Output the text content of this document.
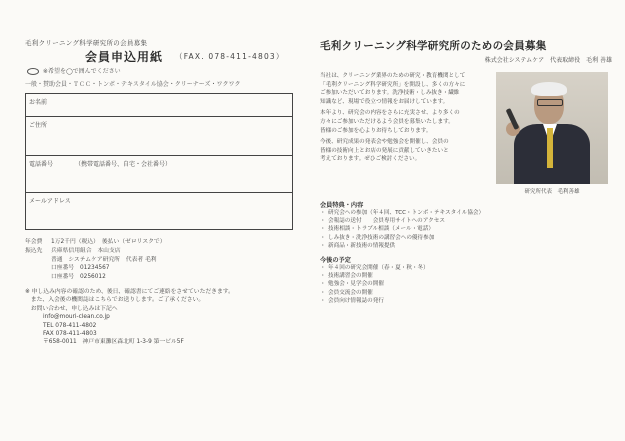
毛利クリーニング科学研究所の会員募集
会員申込用紙 （FAX. 078-411-4803）
※希望を◯で囲んでください
一般・賛助会員・ＴＣＣ・トンボ・テキスタイル協会・クリーナーズ・ワクワク
お名前
ご住所
電話番号	（携帯電話番号、自宅・会社番号）
メールアドレス
年会費	1万2千円（税込）　後払い（ゼロリスクで）
振込先	兵庫県信用組合　本山支店
普通　システムケア研究所　代表者 毛利
口座番号　01234567
口座番号　0256012
※ 申し込み内容の確認のため、後日、確認書にてご連絡をさせていただきます。
　また、入会後の機関誌はこちらでお送りします。ご了承ください。
　お問い合わせ、申し込みは下記へ
info@mouri-clean.co.jp
TEL 078-411-4802
FAX 078-411-4803
〒658-0011　神戸市東灘区森北町 1-3-9 第一ビル5F
毛利クリーニング科学研究所のための会員募集
株式会社システムケア　代表取締役　毛利 善雄

当社は、クリーニング業界のための研究・教育機関として
「毛利クリーニング科学研究所」を開設し、多くの方々に
ご参加いただいております。洗浄技術・しみ抜き・繊維
知識など、現場で役立つ情報をお届けしています。

本年より、研究会の内容をさらに充実させ、より多くの
方々にご参加いただけるよう会員を募集いたします。
皆様のご参加を心よりお待ちしております。

今後、研究成果の発表会や勉強会を開催し、会員の
皆様の技術向上とお店の発展に貢献していきたいと
考えております。ぜひご検討ください。

研究所代表　毛利善雄
会員特典・内容
・ 研究会への参加（年４回、TCC・トンボ・テキスタイル協会）
・ 会報誌の送付　　会員専用サイトへのアクセス
・ 技術相談・トラブル相談（メール・電話）
・ しみ抜き・洗浄技術の講習会への優待参加
・ 新商品・新技術の情報提供
今後の予定
・ 年４回の研究会開催（春・夏・秋・冬）
・ 技術講習会の開催
・ 勉強会・見学会の開催
・ 会員交流会の開催
・ 会員向け情報誌の発行
